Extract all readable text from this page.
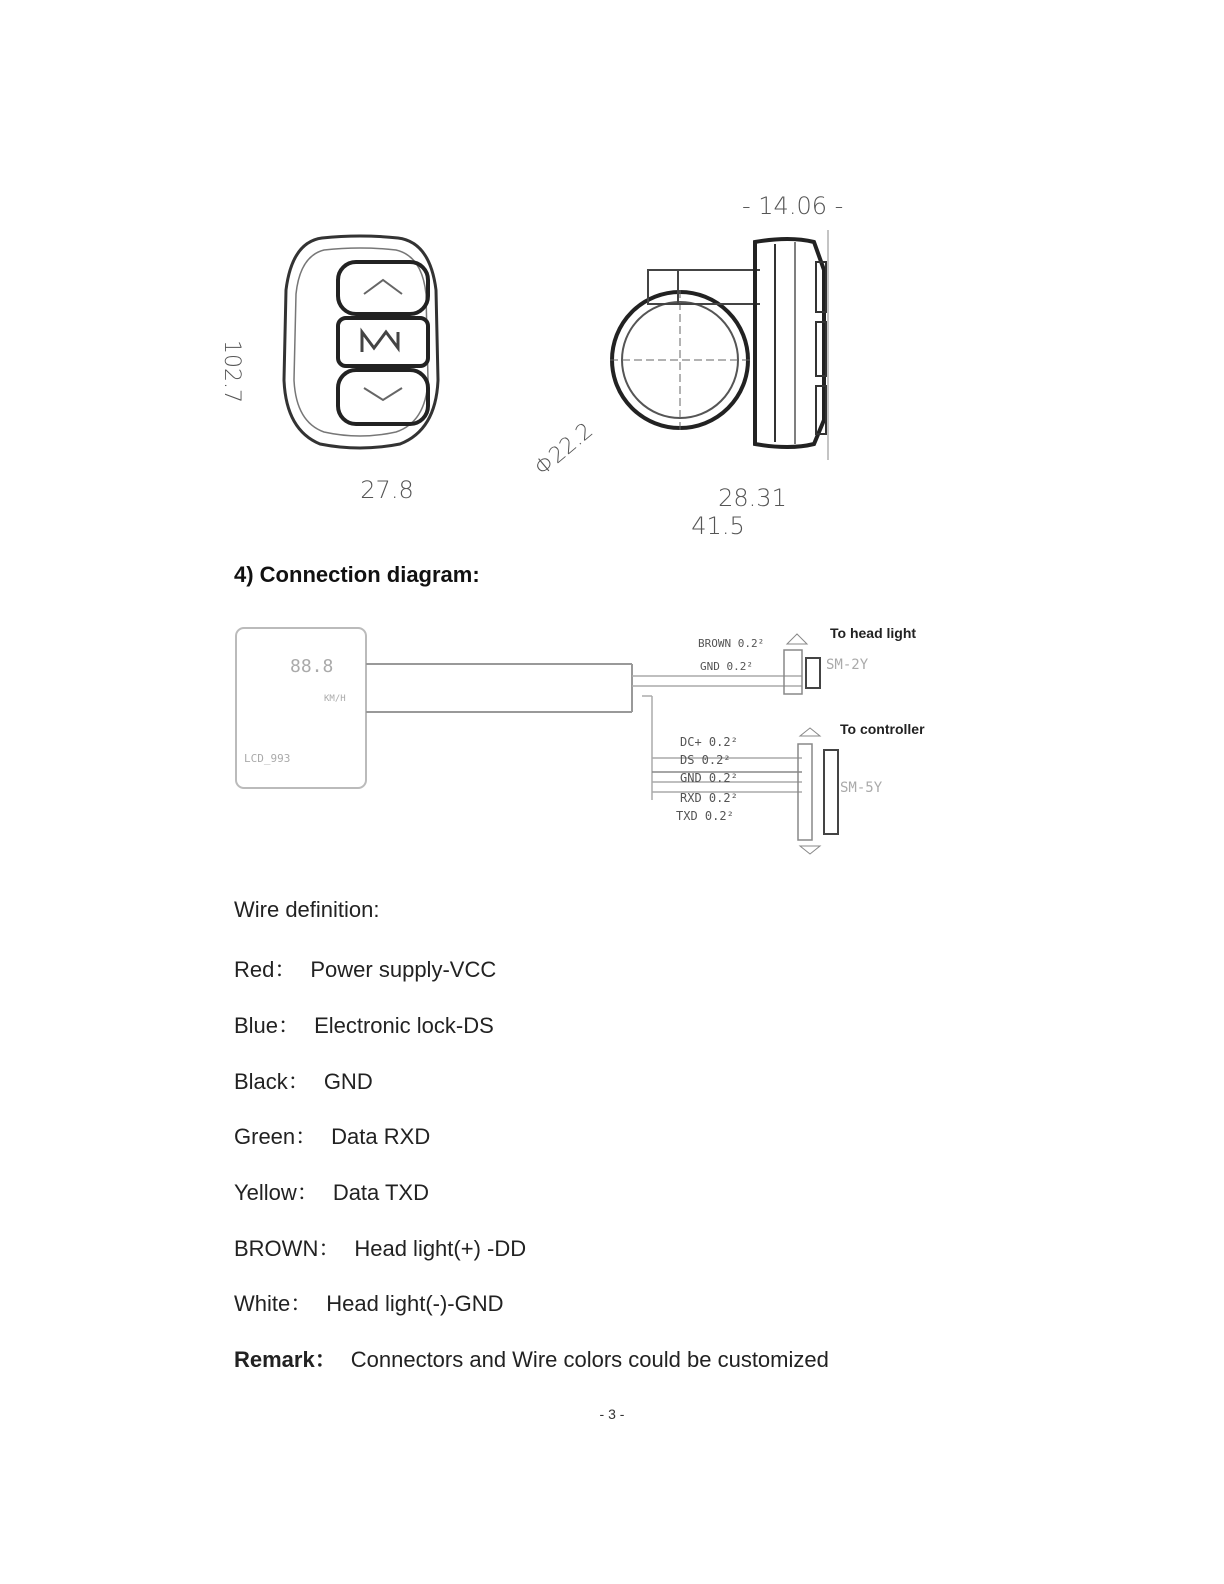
- 14.06 -
102.7
27.8
Φ22.2
28.31
41.5
4) Connection diagram:
88.8
KM/H
LCD_993
BROWN 0.2²
GND 0.2²
To head light
SM-2Y
To controller
SM-5Y
DC+ 0.2²
DS 0.2²
GND 0.2²
RXD 0.2²
TXD 0.2²
Wire definition:
Red： Power supply-VCC
Blue： Electronic lock-DS
Black： GND
Green： Data RXD
Yellow： Data TXD
BROWN： Head light(+) -DD
White： Head light(-)-GND
Remark： Connectors and Wire colors could be customized
- 3 -
